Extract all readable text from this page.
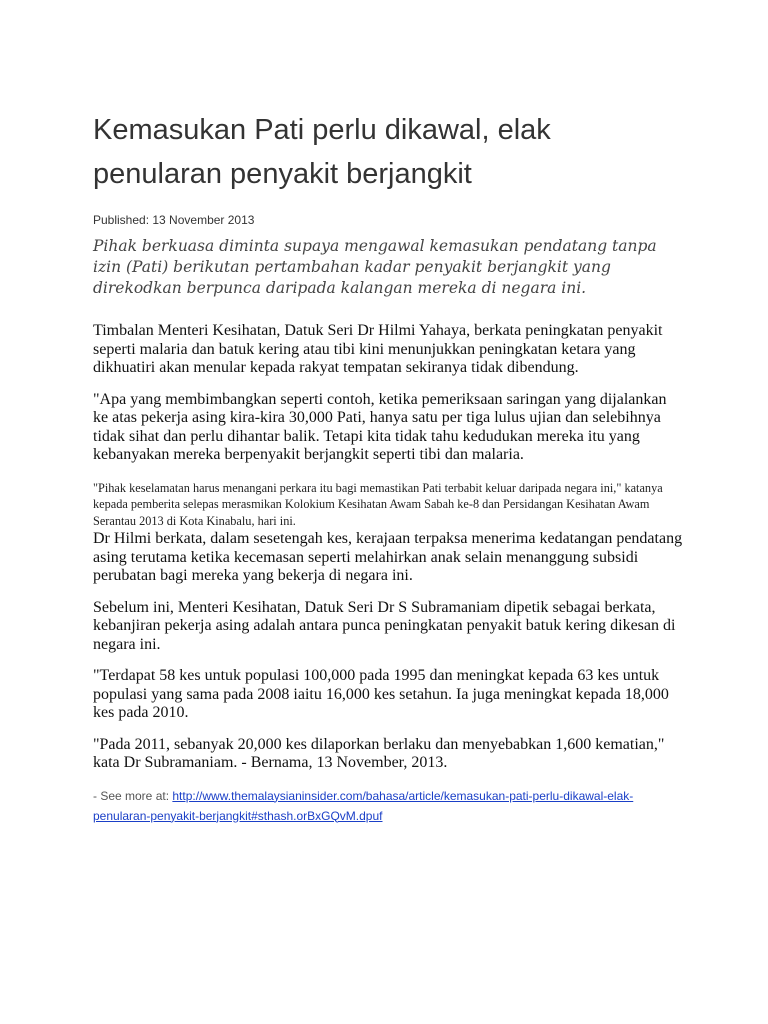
Kemasukan Pati perlu dikawal, elak penularan penyakit berjangkit
Published: 13 November 2013
Pihak berkuasa diminta supaya mengawal kemasukan pendatang tanpa izin (Pati) berikutan pertambahan kadar penyakit berjangkit yang direkodkan berpunca daripada kalangan mereka di negara ini.
Timbalan Menteri Kesihatan, Datuk Seri Dr Hilmi Yahaya, berkata peningkatan penyakit seperti malaria dan batuk kering atau tibi kini menunjukkan peningkatan ketara yang dikhuatiri akan menular kepada rakyat tempatan sekiranya tidak dibendung.
"Apa yang membimbangkan seperti contoh, ketika pemeriksaan saringan yang dijalankan ke atas pekerja asing kira-kira 30,000 Pati, hanya satu per tiga lulus ujian dan selebihnya tidak sihat dan perlu dihantar balik. Tetapi kita tidak tahu kedudukan mereka itu yang kebanyakan mereka berpenyakit berjangkit seperti tibi dan malaria.
"Pihak keselamatan harus menangani perkara itu bagi memastikan Pati terbabit keluar daripada negara ini," katanya kepada pemberita selepas merasmikan Kolokium Kesihatan Awam Sabah ke-8 dan Persidangan Kesihatan Awam Serantau 2013 di Kota Kinabalu, hari ini.
Dr Hilmi berkata, dalam sesetengah kes, kerajaan terpaksa menerima kedatangan pendatang asing terutama ketika kecemasan seperti melahirkan anak selain menanggung subsidi perubatan bagi mereka yang bekerja di negara ini.
Sebelum ini, Menteri Kesihatan, Datuk Seri Dr S Subramaniam dipetik sebagai berkata, kebanjiran pekerja asing adalah antara punca peningkatan penyakit batuk kering dikesan di negara ini.
"Terdapat 58 kes untuk populasi 100,000 pada 1995 dan meningkat kepada 63 kes untuk populasi yang sama pada 2008 iaitu 16,000 kes setahun. Ia juga meningkat kepada 18,000 kes pada 2010.
"Pada 2011, sebanyak 20,000 kes dilaporkan berlaku dan menyebabkan 1,600 kematian," kata Dr Subramaniam. - Bernama, 13 November, 2013.
- See more at: http://www.themalaysianinsider.com/bahasa/article/kemasukan-pati-perlu-dikawal-elak-penularan-penyakit-berjangkit#sthash.orBxGQvM.dpuf
